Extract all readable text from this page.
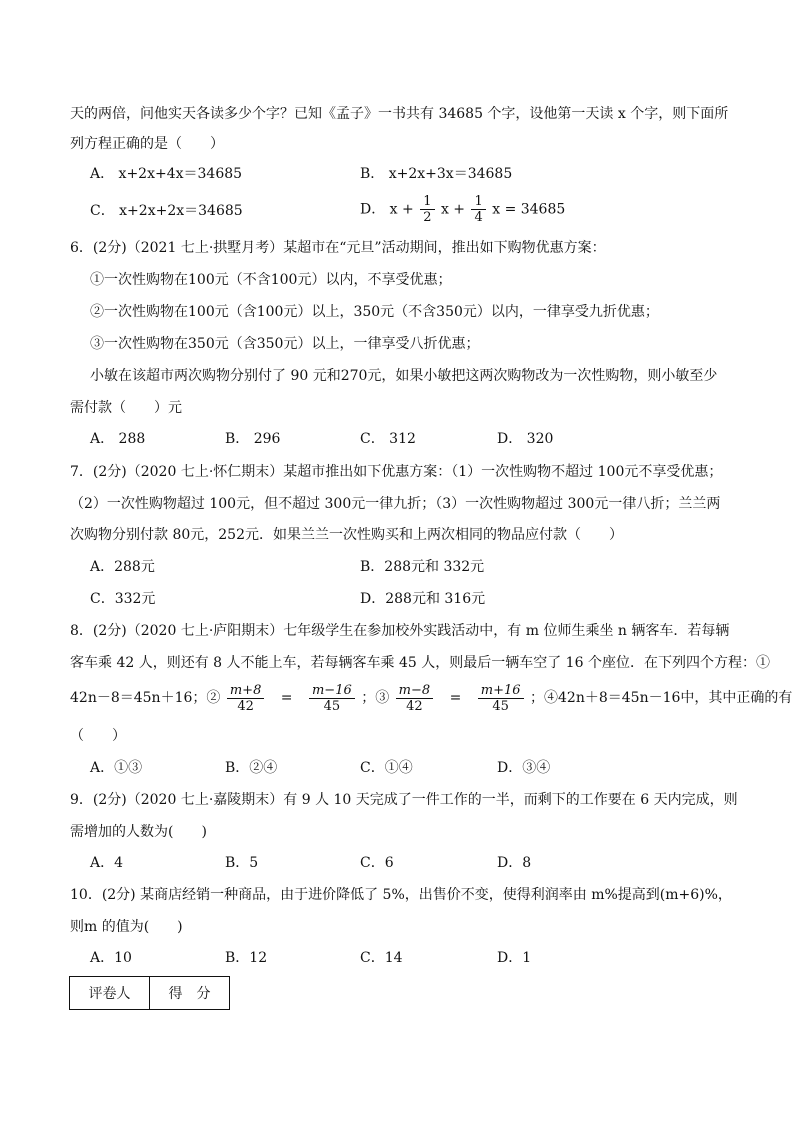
天的两倍，问他实天各读多少个字？已知《孟子》一书共有 34685 个字，设他第一天读 x 个字，则下面所
列方程正确的是（　　）
A． x+2x+4x＝34685	B． x+2x+3x＝34685
C． x+2x+2x＝34685	D． $x + \frac{1}{2}$ $x + \frac{1}{4}$ x = 34685
6．(2分)（2021 七上·拱墅月考）某超市在“元旦”活动期间，推出如下购物优惠方案：
①一次性购物在100元（不含100元）以内，不享受优惠；
②一次性购物在100元（含100元）以上，350元（不含350元）以内，一律享受九折优惠；
③一次性购物在350元（含350元）以上，一律享受八折优惠；
小敏在该超市两次购物分别付了 90 元和270元，如果小敏把这两次购物改为一次性购物，则小敏至少
需付款（　　）元
A． 288	B． 296	C． 312	D． 320
7．(2分)（2020 七上·怀仁期末）某超市推出如下优惠方案：（1）一次性购物不超过 100元不享受优惠；
（2）一次性购物超过 100元，但不超过 300元一律九折；（3）一次性购物超过 300元一律八折；兰兰两
次购物分别付款 80元，252元．如果兰兰一次性购买和上两次相同的物品应付款（　　）
A．288元	B．288元和 332元
C．332元	D．288元和 316元
8．(2分)（2020 七上·庐阳期末）七年级学生在参加校外实践活动中，有 m 位师生乘坐 n 辆客车．若每辆
客车乘 42 人，则还有 8 人不能上车，若每辆客车乘 45 人，则最后一辆车空了 16 个座位．在下列四个方程：①
42n－8＝45n＋16；② $\frac{m+8}{42} = \frac{m-16}{45}$ ；③ $\frac{m-8}{42} = \frac{m+16}{45}$ ；④42n＋8＝45n－16中，其中正确的有
（　　）
A．①③	B．②④	C．①④	D．③④
9．(2分)（2020 七上·嘉陵期末）有 9 人 10 天完成了一件工作的一半，而剩下的工作要在 6 天内完成，则
需增加的人数为(　　)
A．4	B．5	C．6	D．8
10．(2分) 某商店经销一种商品，由于进价降低了 5%，出售价不变，使得利润率由 m%提高到(m+6)%，
则m 的值为(　　)
A．10	B．12	C．14	D．1
评卷人	得　分
